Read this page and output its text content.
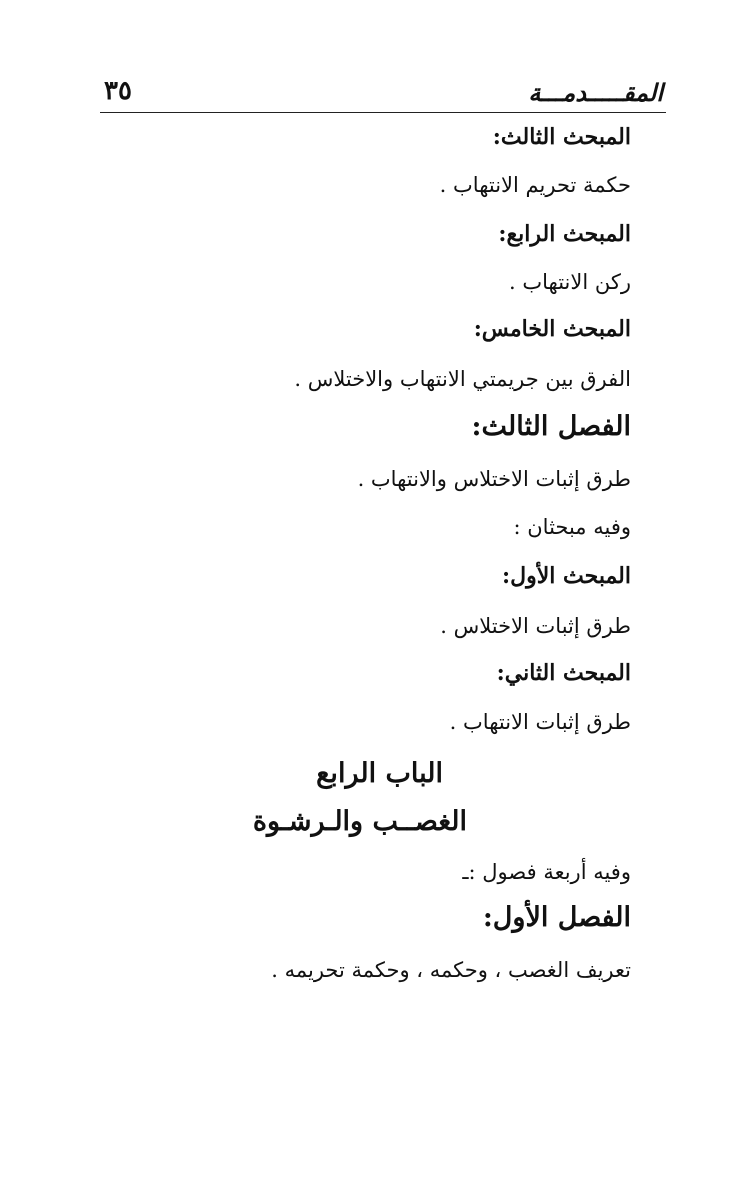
المقـــــدمـــة
٣٥
المبحث الثالث:
حكمة تحريم الانتهاب .
المبحث الرابع:
ركن الانتهاب .
المبحث الخامس:
الفرق بين جريمتي الانتهاب والاختلاس .
الفصل الثالث:
طرق إثبات الاختلاس والانتهاب .
وفيه مبحثان :
المبحث الأول:
طرق إثبات الاختلاس .
المبحث الثاني:
طرق إثبات الانتهاب .
الباب الرابع
الغصــب والـرشـوة
وفيه أربعة فصول :ـ
الفصل الأول:
تعريف الغصب ، وحكمه ، وحكمة تحريمه .
